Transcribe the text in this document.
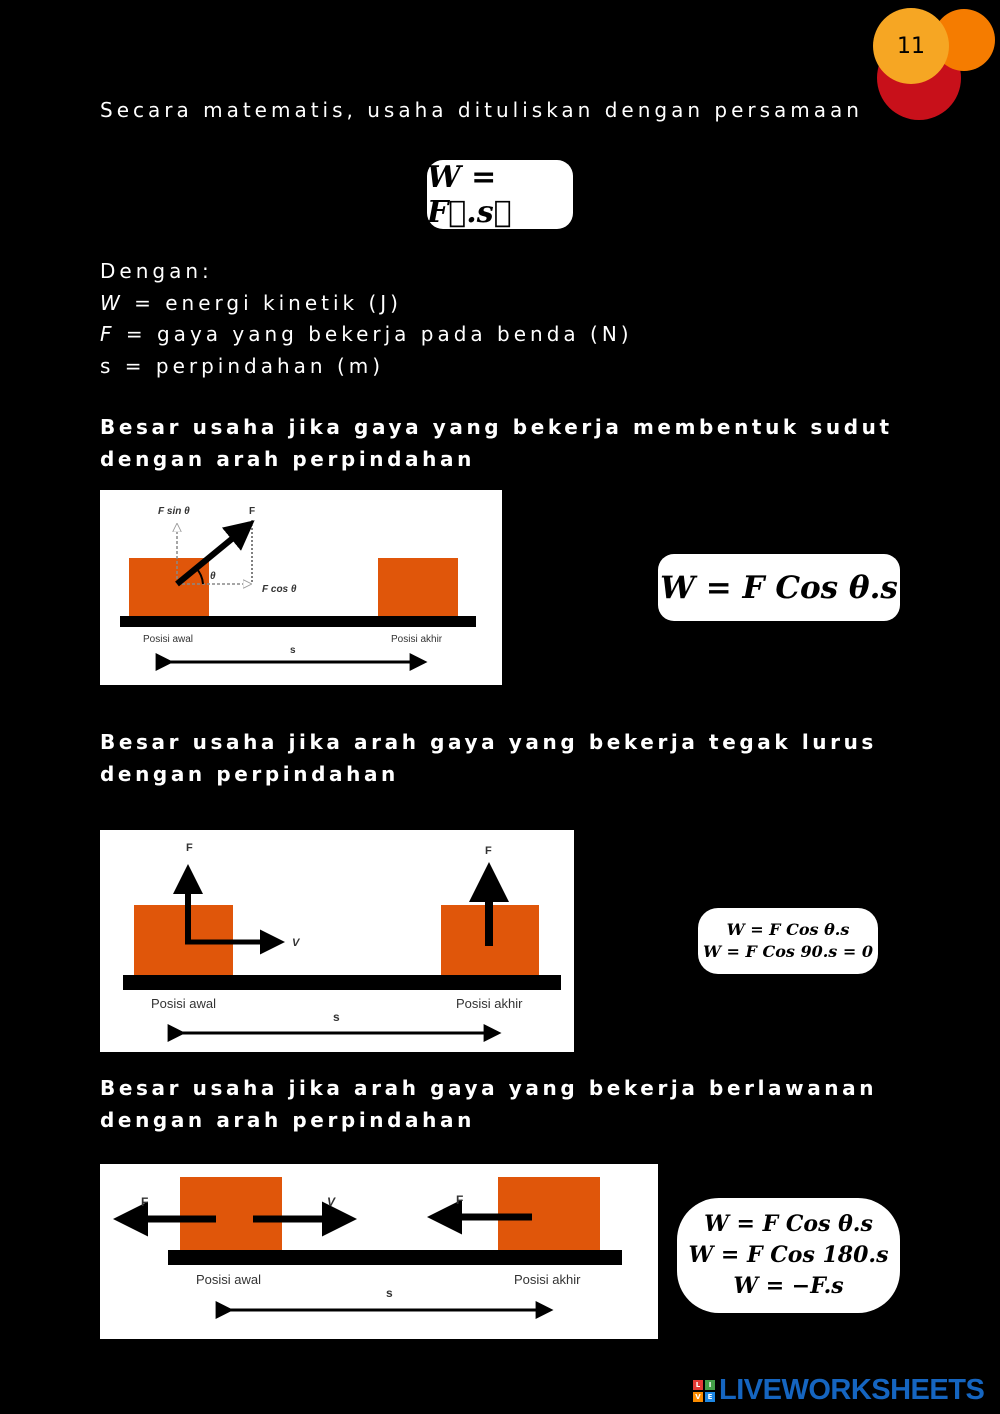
11
Secara matematis, usaha dituliskan dengan persamaan
W = F⃗.s⃗
Dengan:
W = energi kinetik (J)
F = gaya yang bekerja pada benda (N)
s = perpindahan (m)
Besar usaha jika gaya yang bekerja membentuk sudut
dengan arah perpindahan
F sin θ	F
θ
F cos θ
Posisi awal	Posisi akhir
s
W = F Cos θ.s
Besar usaha jika arah gaya yang bekerja tegak lurus
dengan perpindahan
F
V
F
Posisi awal	Posisi akhir
s
W = F Cos θ.s
W = F Cos 90.s = 0
Besar usaha jika arah gaya yang bekerja berlawanan
dengan arah perpindahan
F	V	F
Posisi awal	Posisi akhir
s
W = F Cos θ.s
W = F Cos 180.s
W = −F.s
L	I
V E LIVEWORKSHEETS
